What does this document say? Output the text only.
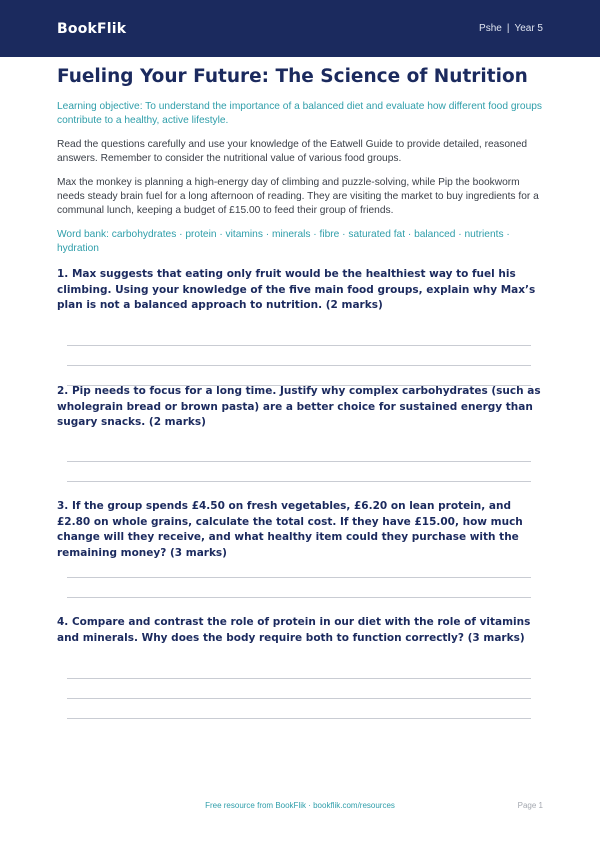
BookFlik	Pshe | Year 5
Fueling Your Future: The Science of Nutrition
Learning objective: To understand the importance of a balanced diet and evaluate how different food groups contribute to a healthy, active lifestyle.
Read the questions carefully and use your knowledge of the Eatwell Guide to provide detailed, reasoned answers. Remember to consider the nutritional value of various food groups.
Max the monkey is planning a high-energy day of climbing and puzzle-solving, while Pip the bookworm needs steady brain fuel for a long afternoon of reading. They are visiting the market to buy ingredients for a communal lunch, keeping a budget of £15.00 to feed their group of friends.
Word bank: carbohydrates · protein · vitamins · minerals · fibre · saturated fat · balanced · nutrients · hydration
1. Max suggests that eating only fruit would be the healthiest way to fuel his climbing. Using your knowledge of the five main food groups, explain why Max’s plan is not a balanced approach to nutrition. (2 marks)
2. Pip needs to focus for a long time. Justify why complex carbohydrates (such as wholegrain bread or brown pasta) are a better choice for sustained energy than sugary snacks. (2 marks)
3. If the group spends £4.50 on fresh vegetables, £6.20 on lean protein, and £2.80 on whole grains, calculate the total cost. If they have £15.00, how much change will they receive, and what healthy item could they purchase with the remaining money? (3 marks)
4. Compare and contrast the role of protein in our diet with the role of vitamins and minerals. Why does the body require both to function correctly? (3 marks)
Free resource from BookFlik · bookflik.com/resources	Page 1
